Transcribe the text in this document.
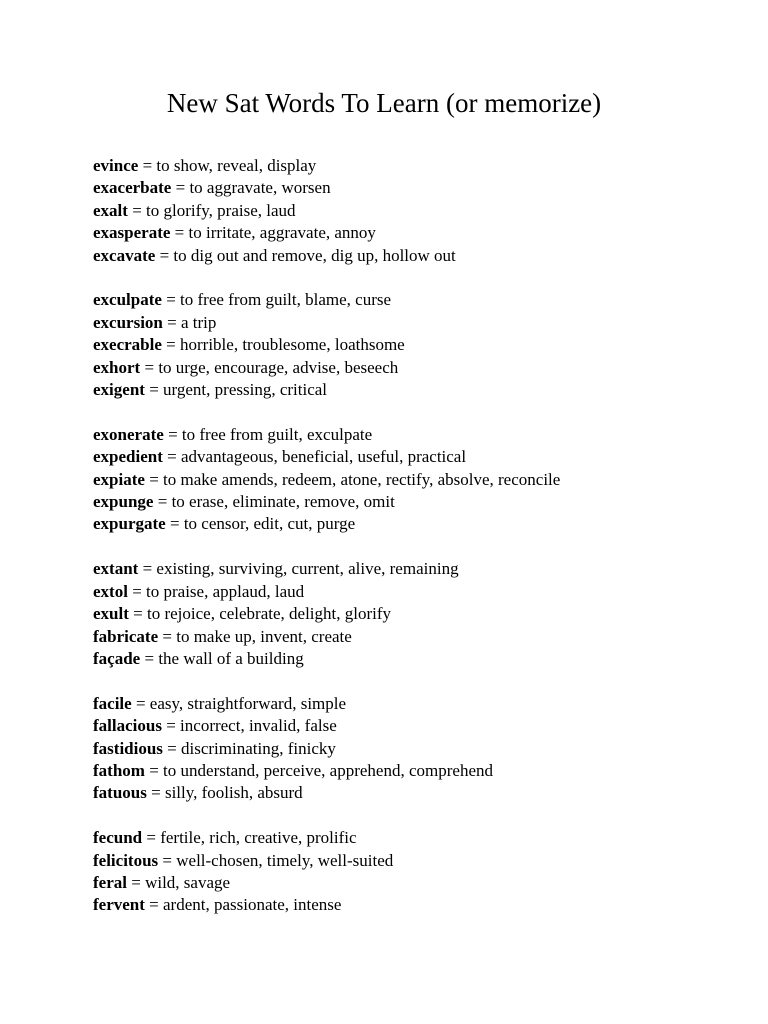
New Sat Words To Learn (or memorize)
evince = to show, reveal, display
exacerbate = to aggravate, worsen
exalt = to glorify, praise, laud
exasperate = to irritate, aggravate, annoy
excavate = to dig out and remove, dig up, hollow out
exculpate = to free from guilt, blame, curse
excursion = a trip
execrable = horrible, troublesome, loathsome
exhort = to urge, encourage, advise, beseech
exigent = urgent, pressing, critical
exonerate = to free from guilt, exculpate
expedient = advantageous, beneficial, useful, practical
expiate = to make amends, redeem, atone, rectify, absolve, reconcile
expunge = to erase, eliminate, remove, omit
expurgate = to censor, edit, cut, purge
extant = existing, surviving, current, alive, remaining
extol = to praise, applaud, laud
exult = to rejoice, celebrate, delight, glorify
fabricate = to make up, invent, create
façade = the wall of a building
facile = easy, straightforward, simple
fallacious = incorrect, invalid, false
fastidious = discriminating, finicky
fathom = to understand, perceive, apprehend, comprehend
fatuous = silly, foolish, absurd
fecund = fertile, rich, creative, prolific
felicitous = well-chosen, timely, well-suited
feral = wild, savage
fervent = ardent, passionate, intense
